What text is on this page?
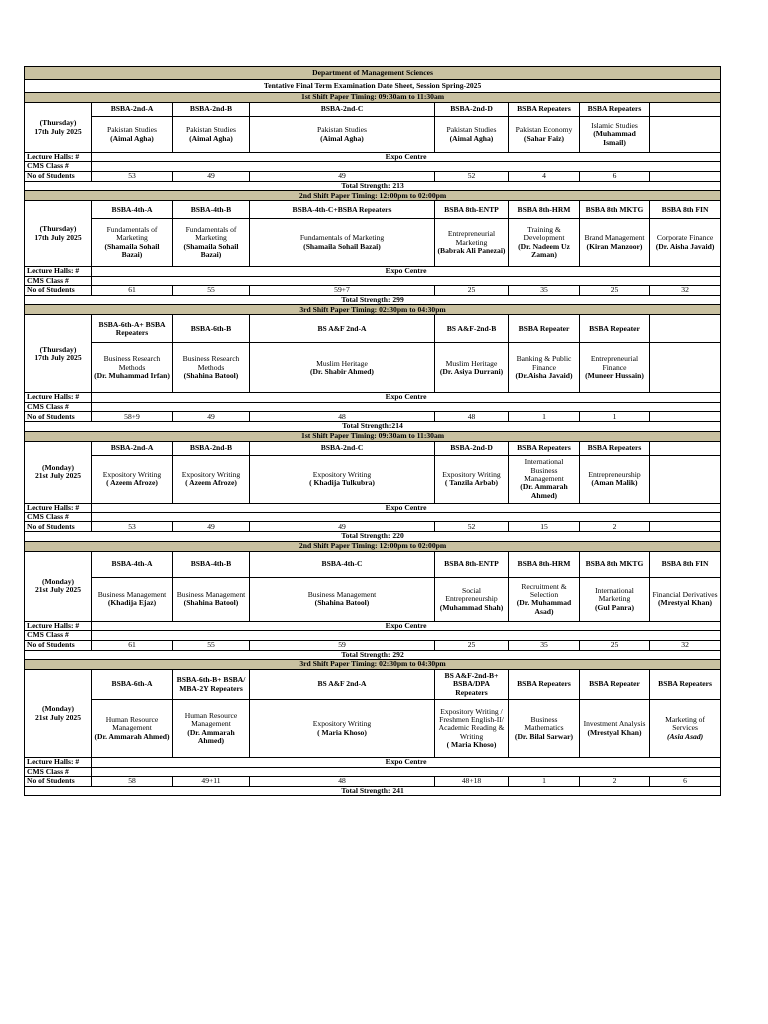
Department of Management Sciences							
Tentative Final Term Examination Date Sheet, Session Spring-2025							
1st Shift Paper Timing: 09:30am to 11:30am							

(Thursday)
17th July 2025	BSBA-2nd-A	BSBA-2nd-B	BSBA-2nd-C	BSBA-2nd-D	BSBA Repeaters	BSBA Repeaters	

	Pakistan Studies
(Aimal Agha)	Pakistan Studies
(Aimal Agha)	Pakistan Studies
(Aimal Agha)	Pakistan Studies
(Aimal Agha)	Pakistan Economy
(Sahar Faiz)	Islamic Studies
(Muhammad Ismail)	

Lecture Halls: #	Expo Centre						
CMS Class #							
No of Students	53	49	49	52	4	6	
Total Strength: 213							
2nd Shift Paper Timing: 12:00pm to 02:00pm							

(Thursday)
17th July 2025	BSBA-4th-A	BSBA-4th-B	BSBA-4th-C+BSBA Repeaters	BSBA 8th-ENTP	BSBA 8th-HRM	BSBA 8th MKTG	BSBA 8th FIN

	Fundamentals of Marketing
(Shamaila Sohail Bazai)	Fundamentals of Marketing
(Shamaila Sohail Bazai)	Fundamentals of Marketing
(Shamaila Sohail Bazai)	Entrepreneurial Marketing
(Babrak Ali Panezai)	Training & Development
(Dr. Nadeem Uz Zaman)	Brand Management
(Kiran Manzoor)	Corporate Finance
(Dr. Aisha Javaid)

Lecture Halls: #	Expo Centre						
CMS Class #							
No of Students	61	55	59+7	25	35	25	32
Total Strength: 299							
3rd Shift Paper Timing: 02:30pm to 04:30pm							

(Thursday)
17th July 2025	BSBA-6th-A+ BSBA Repeaters	BSBA-6th-B	BS A&F 2nd-A	BS A&F-2nd-B	BSBA Repeater	BSBA Repeater	

	Business Research Methods
(Dr. Muhammad Irfan)	Business Research Methods
(Shahina Batool)	Muslim Heritage
(Dr. Shabir Ahmed)	Muslim Heritage
(Dr. Asiya Durrani)	Banking & Public Finance
(Dr.Aisha Javaid)	Entrepreneurial Finance
(Muneer Hussain)	

Lecture Halls: #	Expo Centre						
CMS Class #							
No of Students	58+9	49	48	48	1	1	
Total Strength:214							
1st Shift Paper Timing: 09:30am to 11:30am							

(Monday)
21st July 2025	BSBA-2nd-A	BSBA-2nd-B	BSBA-2nd-C	BSBA-2nd-D	BSBA Repeaters	BSBA Repeaters	

	Expository Writing
( Azeem Afroze)	Expository Writing
( Azeem Afroze)	Expository Writing
( Khadija Tulkubra)	Expository Writing
( Tanzila Arbab)	International Business Management
(Dr. Ammarah Ahmed)	Entrepreneurship
(Aman Malik)	

Lecture Halls: #	Expo Centre						
CMS Class #							
No of Students	53	49	49	52	15	2	
Total Strength: 220							
2nd Shift Paper Timing: 12:00pm to 02:00pm							

(Monday)
21st July 2025	BSBA-4th-A	BSBA-4th-B	BSBA-4th-C	BSBA 8th-ENTP	BSBA 8th-HRM	BSBA 8th MKTG	BSBA 8th FIN

	Business Management
(Khadija Ejaz)	Business Management
(Shahina Batool)	Business Management
(Shahina Batool)	Social Entrepreneurship
(Muhammad Shah)	Recruitment & Selection
(Dr. Muhammad Asad)	International Marketing
(Gul Panra)	Financial Derivatives
(Mrestyal Khan)

Lecture Halls: #	Expo Centre						
CMS Class #							
No of Students	61	55	59	25	35	25	32
Total Strength: 292							
3rd Shift Paper Timing: 02:30pm to 04:30pm							

(Monday)
21st July 2025	BSBA-6th-A	BSBA-6th-B+ BSBA/ MBA-2Y Repeaters	BS A&F 2nd-A	BS A&F-2nd-B+ BSBA/DPA Repeaters	BSBA Repeaters	BSBA Repeater	BSBA Repeaters

	Human Resource Management
(Dr. Ammarah Ahmed)	Human Resource Management
(Dr. Ammarah Ahmed)	Expository Writing
( Maria Khoso)	Expository Writing / Freshmen English-II/ Academic Reading & Writing
( Maria Khoso)	Business Mathematics
(Dr. Bilal Sarwar)	Investment Analysis
(Mrestyal Khan)	Marketing of Services
(Asia Asad)

Lecture Halls: #	Expo Centre						
CMS Class #							
No of Students	58	49+11	48	48+18	1	2	6
Total Strength: 241							
